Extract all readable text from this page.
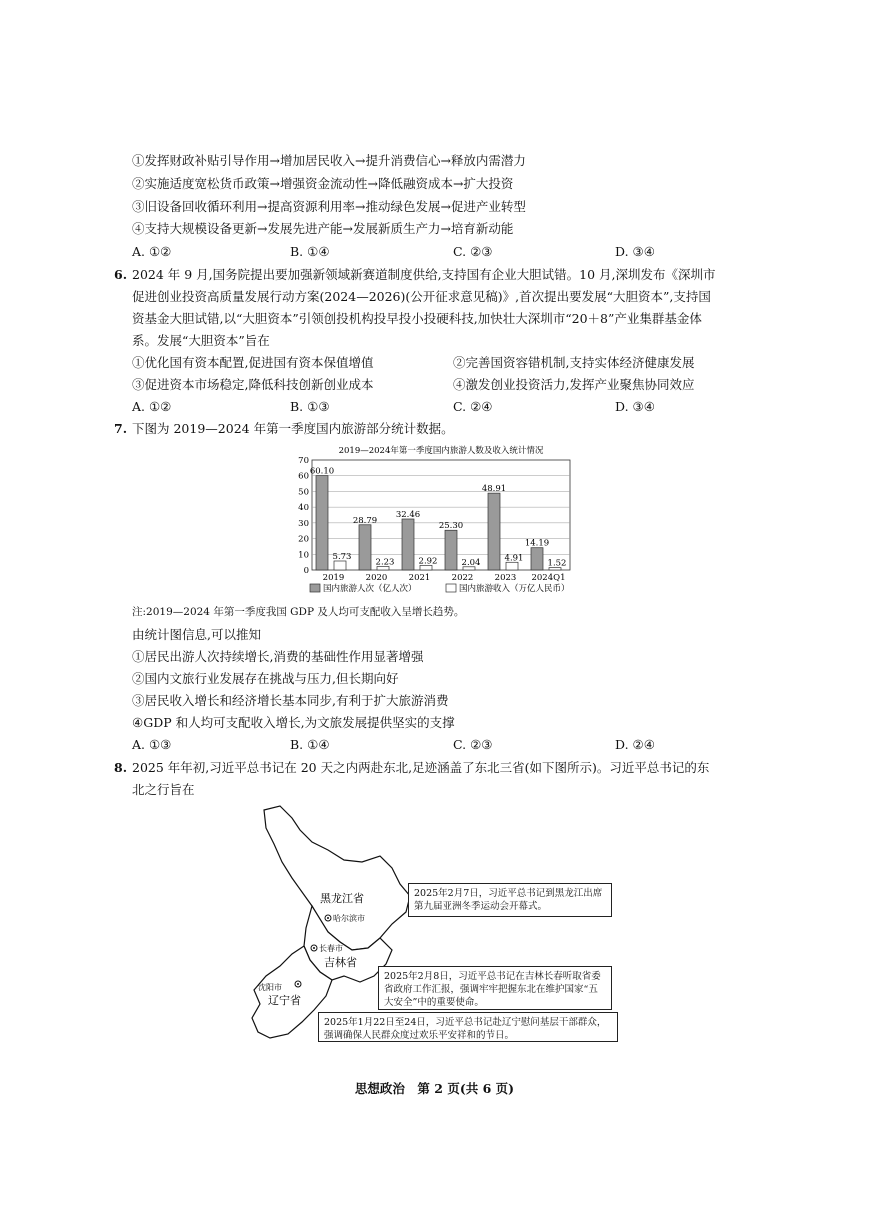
①发挥财政补贴引导作用→增加居民收入→提升消费信心→释放内需潜力
②实施适度宽松货币政策→增强资金流动性→降低融资成本→扩大投资
③旧设备回收循环利用→提高资源利用率→推动绿色发展→促进产业转型
④支持大规模设备更新→发展先进产能→发展新质生产力→培育新动能
A. ①②	B. ①④	C. ②③	D. ③④
6. 2024 年 9 月,国务院提出要加强新领域新赛道制度供给,支持国有企业大胆试错。10 月,深圳发布《深圳市
促进创业投资高质量发展行动方案(2024—2026)(公开征求意见稿)》,首次提出要发展“大胆资本”,支持国
资基金大胆试错,以“大胆资本”引领创投机构投早投小投硬科技,加快壮大深圳市“20＋8”产业集群基金体
系。发展“大胆资本”旨在
①优化国有资本配置,促进国有资本保值增值	②完善国资容错机制,支持实体经济健康发展
③促进资本市场稳定,降低科技创新创业成本	④激发创业投资活力,发挥产业聚焦协同效应
A. ①②	B. ①③	C. ②④	D. ③④
7. 下图为 2019—2024 年第一季度国内旅游部分统计数据。
2019—2024年第一季度国内旅游人数及收入统计情况
0
10
20
30
40
50
60
70
60.10
5.73
2019
28.79
2.23
2020
32.46
2.92
2021
25.30
2.04
2022
48.91
4.91
2023
14.19
1.52
2024Q1
国内旅游人次（亿人次）	国内旅游收入（万亿人民币）
注:2019—2024 年第一季度我国 GDP 及人均可支配收入呈增长趋势。
由统计图信息,可以推知
①居民出游人次持续增长,消费的基础性作用显著增强
②国内文旅行业发展存在挑战与压力,但长期向好
③居民收入增长和经济增长基本同步,有利于扩大旅游消费
④GDP 和人均可支配收入增长,为文旅发展提供坚实的支撑
A. ①③	B. ①④	C. ②③	D. ②④
8. 2025 年年初,习近平总书记在 20 天之内两赴东北,足迹涵盖了东北三省(如下图所示)。习近平总书记的东
北之行旨在
黑龙江省
哈尔滨市
长春市
吉林省
沈阳市
辽宁省
2025年2月7日，习近平总书记到黑龙江出席第九届亚洲冬季运动会开幕式。
2025年2月8日，习近平总书记在吉林长春听取省委省政府工作汇报，强调牢牢把握东北在维护国家“五大安全”中的重要使命。
2025年1月22日至24日，习近平总书记赴辽宁慰问基层干部群众，强调确保人民群众度过欢乐平安祥和的节日。
思想政治　第 2 页(共 6 页)
